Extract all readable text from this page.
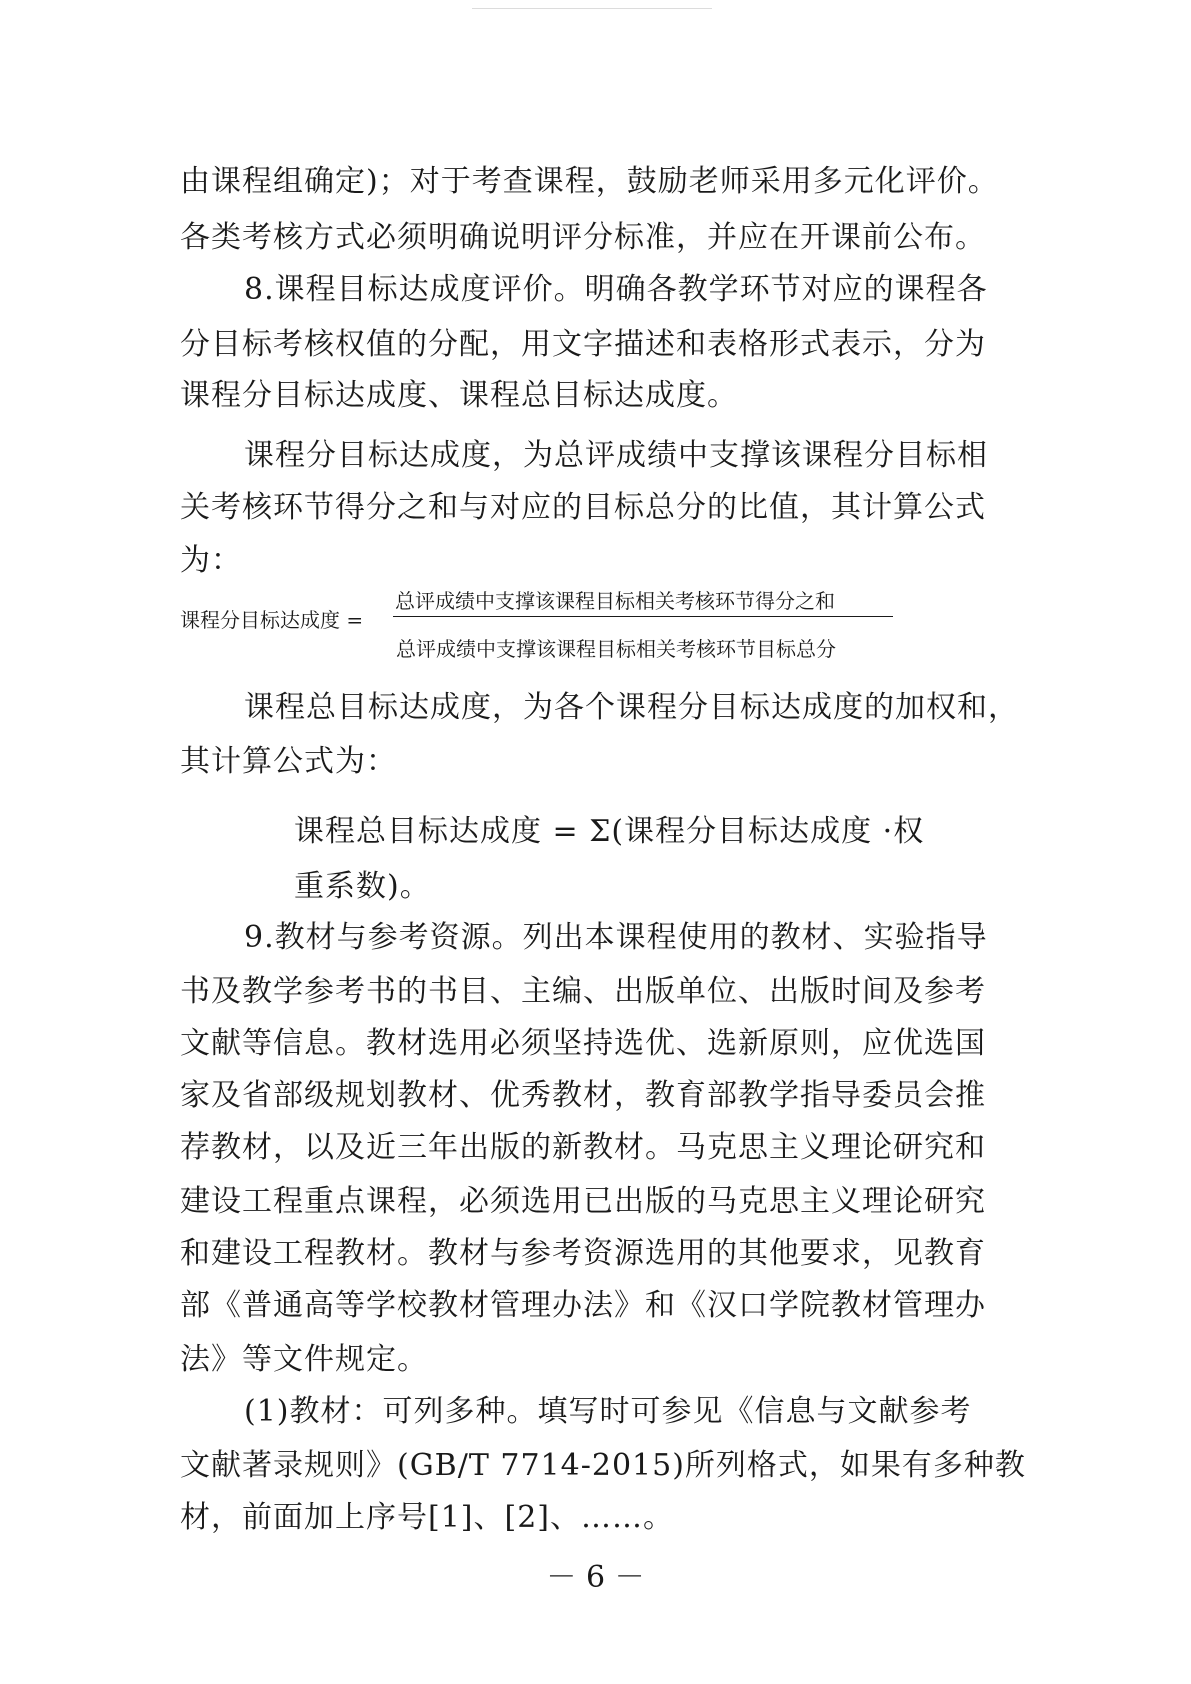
由课程组确定)；对于考查课程，鼓励老师采用多元化评价。
各类考核方式必须明确说明评分标准，并应在开课前公布。
8.课程目标达成度评价。明确各教学环节对应的课程各
分目标考核权值的分配，用文字描述和表格形式表示，分为
课程分目标达成度、课程总目标达成度。
课程分目标达成度，为总评成绩中支撑该课程分目标相
关考核环节得分之和与对应的目标总分的比值，其计算公式
为：
课程分目标达成度 =
总评成绩中支撑该课程目标相关考核环节得分之和
总评成绩中支撑该课程目标相关考核环节目标总分
课程总目标达成度，为各个课程分目标达成度的加权和，
其计算公式为：
课程总目标达成度 = Σ(课程分目标达成度 ·权
重系数)。
9.教材与参考资源。列出本课程使用的教材、实验指导
书及教学参考书的书目、主编、出版单位、出版时间及参考
文献等信息。教材选用必须坚持选优、选新原则，应优选国
家及省部级规划教材、优秀教材，教育部教学指导委员会推
荐教材，以及近三年出版的新教材。马克思主义理论研究和
建设工程重点课程，必须选用已出版的马克思主义理论研究
和建设工程教材。教材与参考资源选用的其他要求，见教育
部《普通高等学校教材管理办法》和《汉口学院教材管理办
法》等文件规定。
(1)教材：可列多种。填写时可参见《信息与文献参考
文献著录规则》(GB/T 7714-2015)所列格式，如果有多种教
材，前面加上序号[1]、[2]、……。
－ 6 －
